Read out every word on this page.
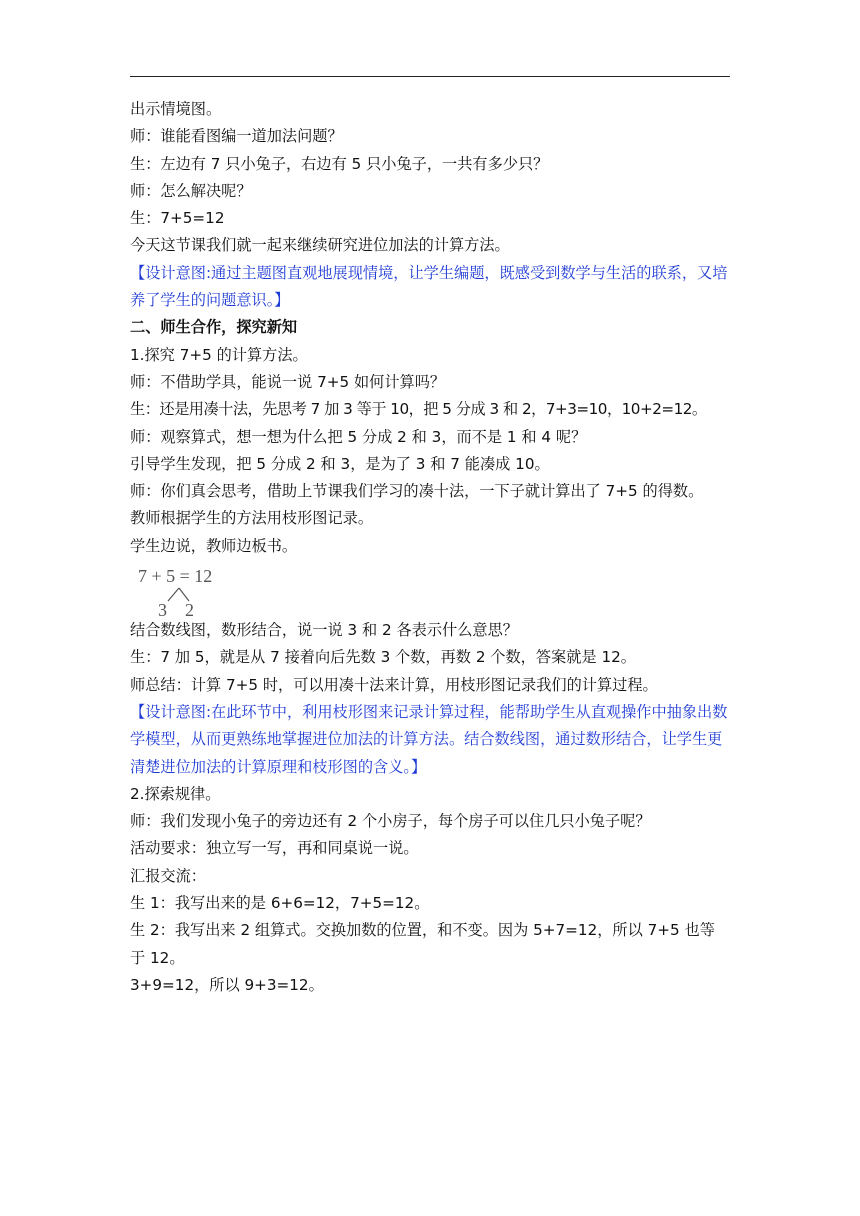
出示情境图。
师：谁能看图编一道加法问题？
生：左边有 7 只小兔子，右边有 5 只小兔子，一共有多少只？
师：怎么解决呢？
生：7+5=12
今天这节课我们就一起来继续研究进位加法的计算方法。
【设计意图:通过主题图直观地展现情境，让学生编题，既感受到数学与生活的联系，又培养了学生的问题意识。】
二、师生合作，探究新知
1.探究 7+5 的计算方法。
师：不借助学具，能说一说 7+5 如何计算吗？
生：还是用凑十法，先思考 7 加 3 等于 10，把 5 分成 3 和 2，7+3=10，10+2=12。
师：观察算式，想一想为什么把 5 分成 2 和 3，而不是 1 和 4 呢？
引导学生发现，把 5 分成 2 和 3，是为了 3 和 7 能凑成 10。
师：你们真会思考，借助上节课我们学习的凑十法，一下子就计算出了 7+5 的得数。
教师根据学生的方法用枝形图记录。
学生边说，教师边板书。
7 + 5 = 12
3 2
结合数线图，数形结合，说一说 3 和 2 各表示什么意思？
生：7 加 5，就是从 7 接着向后先数 3 个数，再数 2 个数，答案就是 12。
师总结：计算 7+5 时，可以用凑十法来计算，用枝形图记录我们的计算过程。
【设计意图:在此环节中，利用枝形图来记录计算过程，能帮助学生从直观操作中抽象出数学模型，从而更熟练地掌握进位加法的计算方法。结合数线图，通过数形结合，让学生更清楚进位加法的计算原理和枝形图的含义。】
2.探索规律。
师：我们发现小兔子的旁边还有 2 个小房子，每个房子可以住几只小兔子呢？
活动要求：独立写一写，再和同桌说一说。
汇报交流：
生 1：我写出来的是 6+6=12，7+5=12。
生 2：我写出来 2 组算式。交换加数的位置，和不变。因为 5+7=12，所以 7+5 也等于 12。
3+9=12，所以 9+3=12。
